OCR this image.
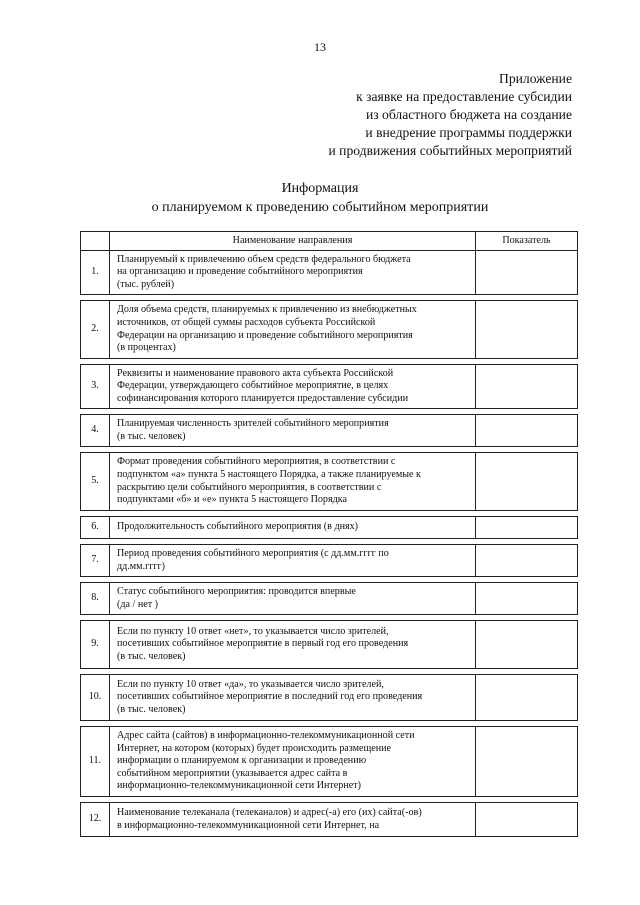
13
Приложение
к заявке на предоставление субсидии
из областного бюджета на создание
и внедрение программы поддержки
и продвижения событийных мероприятий
Информация
о планируемом к проведению событийном мероприятии
	Наименование направления	Показатель
1.	Планируемый к привлечению объем средств федерального бюджета
на организацию и проведение событийного мероприятия
(тыс. рублей)	

2.	Доля объема средств, планируемых к привлечению из внебюджетных
источников, от общей суммы расходов субъекта Российской
Федерации на организацию и проведение событийного мероприятия
(в процентах)	

3.	Реквизиты и наименование правового акта субъекта Российской
Федерации, утверждающего событийное мероприятие, в целях
софинансирования которого планируется предоставление субсидии	

4.	Планируемая численность зрителей событийного мероприятия
(в тыс. человек)	

5.	Формат проведения событийного мероприятия, в соответствии с
подпунктом «а» пункта 5 настоящего Порядка, а также планируемые к
раскрытию цели событийного мероприятия, в соответствии с
подпунктами «б» и «е» пункта 5 настоящего Порядка	

6.	Продолжительность событийного мероприятия (в днях)	

7.	Период проведения событийного мероприятия (с дд.мм.гггг по
дд.мм.гггг)	

8.	Статус событийного мероприятия: проводится впервые
(да / нет )	

9.	Если по пункту 10 ответ «нет», то указывается число зрителей,
посетивших событийное мероприятие в первый год его проведения
(в тыс. человек)	

10.	Если по пункту 10 ответ «да», то указывается число зрителей,
посетивших событийное мероприятие в последний год его проведения
(в тыс. человек)	

11.	Адрес сайта (сайтов) в информационно-телекоммуникационной сети
Интернет, на котором (которых) будет происходить размещение
информации о планируемом к организации и проведению
событийном мероприятии (указывается адрес сайта в
информационно-телекоммуникационной сети Интернет)	

12.	Наименование телеканала (телеканалов) и адрес(-а) его (их) сайта(-ов)
в информационно-телекоммуникационной сети Интернет, на	
